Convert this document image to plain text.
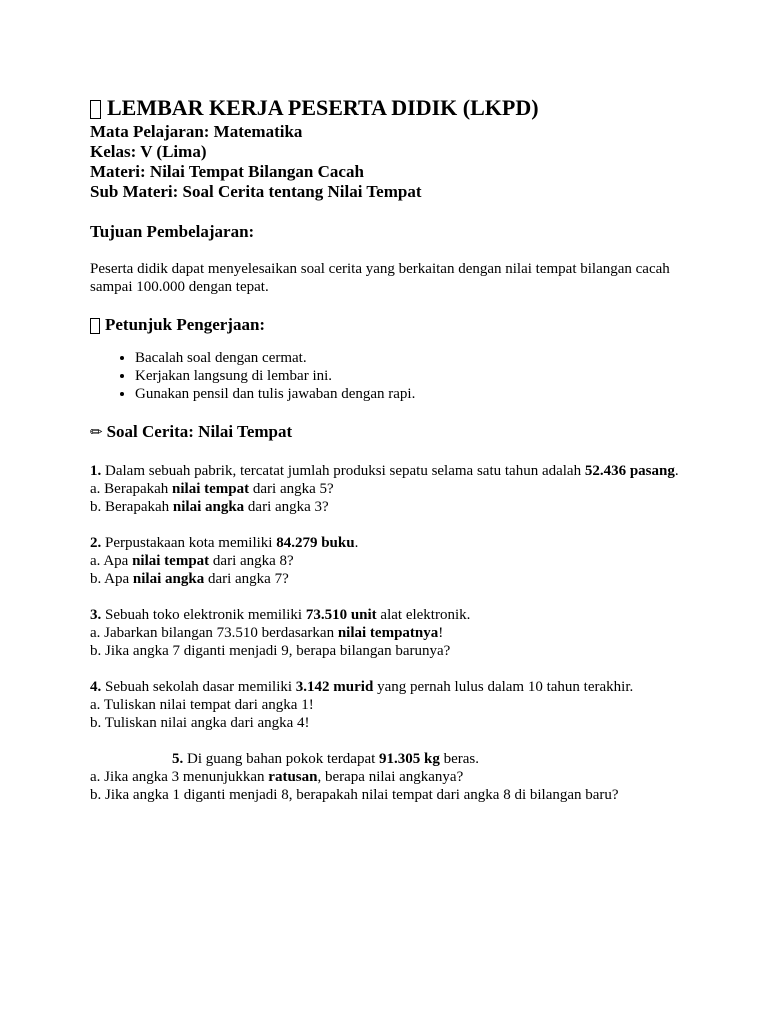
LEMBAR KERJA PESERTA DIDIK (LKPD)
Mata Pelajaran: Matematika
Kelas: V (Lima)
Materi: Nilai Tempat Bilangan Cacah
Sub Materi: Soal Cerita tentang Nilai Tempat
Tujuan Pembelajaran:
Peserta didik dapat menyelesaikan soal cerita yang berkaitan dengan nilai tempat bilangan cacah sampai 100.000 dengan tepat.
Petunjuk Pengerjaan:
• Bacalah soal dengan cermat.
• Kerjakan langsung di lembar ini.
• Gunakan pensil dan tulis jawaban dengan rapi.
✏ Soal Cerita: Nilai Tempat
1. Dalam sebuah pabrik, tercatat jumlah produksi sepatu selama satu tahun adalah 52.436 pasang.
a. Berapakah nilai tempat dari angka 5?
b. Berapakah nilai angka dari angka 3?
2. Perpustakaan kota memiliki 84.279 buku.
a. Apa nilai tempat dari angka 8?
b. Apa nilai angka dari angka 7?
3. Sebuah toko elektronik memiliki 73.510 unit alat elektronik.
a. Jabarkan bilangan 73.510 berdasarkan nilai tempatnya!
b. Jika angka 7 diganti menjadi 9, berapa bilangan barunya?
4. Sebuah sekolah dasar memiliki 3.142 murid yang pernah lulus dalam 10 tahun terakhir.
a. Tuliskan nilai tempat dari angka 1!
b. Tuliskan nilai angka dari angka 4!
5. Di guang bahan pokok terdapat 91.305 kg beras.
a. Jika angka 3 menunjukkan ratusan, berapa nilai angkanya?
b. Jika angka 1 diganti menjadi 8, berapakah nilai tempat dari angka 8 di bilangan baru?
